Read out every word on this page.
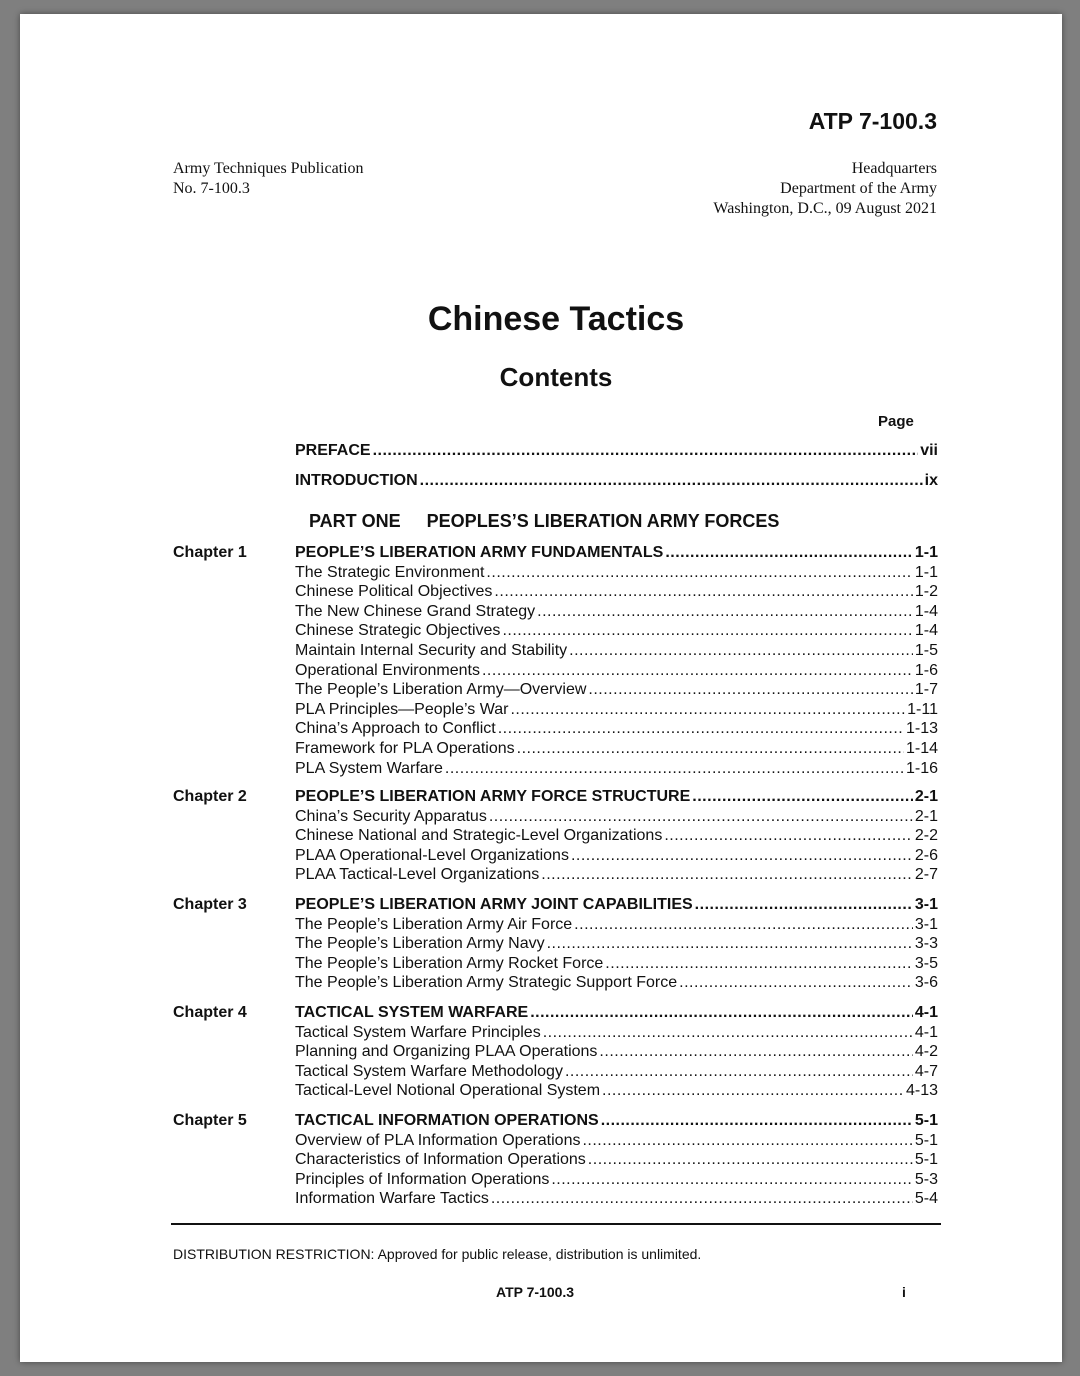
ATP 7-100.3
Army Techniques Publication
No. 7-100.3
Headquarters
Department of the Army
Washington, D.C., 09 August 2021
Chinese Tactics
Contents
Page
PREFACE .....	vii
INTRODUCTION .....	ix
Chapter 1	PEOPLE’S LIBERATION ARMY FUNDAMENTALS .....	1-1
The Strategic Environment .....	1-1
Chinese Political Objectives .....	1-2
The New Chinese Grand Strategy .....	1-4
Chinese Strategic Objectives .....	1-4
Maintain Internal Security and Stability .....	1-5
Operational Environments .....	1-6
The People’s Liberation Army—Overview .....	1-7
PLA Principles—People’s War .....	1-11
China’s Approach to Conflict .....	1-13
Framework for PLA Operations .....	1-14
PLA System Warfare .....	1-16
Chapter 2	PEOPLE’S LIBERATION ARMY FORCE STRUCTURE .....	2-1
China’s Security Apparatus .....	2-1
Chinese National and Strategic-Level Organizations .....	2-2
PLAA Operational-Level Organizations .....	2-6
PLAA Tactical-Level Organizations .....	2-7
Chapter 3	PEOPLE’S LIBERATION ARMY JOINT CAPABILITIES .....	3-1
The People’s Liberation Army Air Force .....	3-1
The People’s Liberation Army Navy .....	3-3
The People’s Liberation Army Rocket Force .....	3-5
The People’s Liberation Army Strategic Support Force .....	3-6
Chapter 4	TACTICAL SYSTEM WARFARE .....	4-1
Tactical System Warfare Principles .....	4-1
Planning and Organizing PLAA Operations .....	4-2
Tactical System Warfare Methodology .....	4-7
Tactical-Level Notional Operational System .....	4-13
Chapter 5	TACTICAL INFORMATION OPERATIONS .....	5-1
Overview of PLA Information Operations .....	5-1
Characteristics of Information Operations .....	5-1
Principles of Information Operations .....	5-3
Information Warfare Tactics .....	5-4
PART ONE PEOPLES’S LIBERATION ARMY FORCES
DISTRIBUTION RESTRICTION: Approved for public release, distribution is unlimited.
ATP 7-100.3	i
